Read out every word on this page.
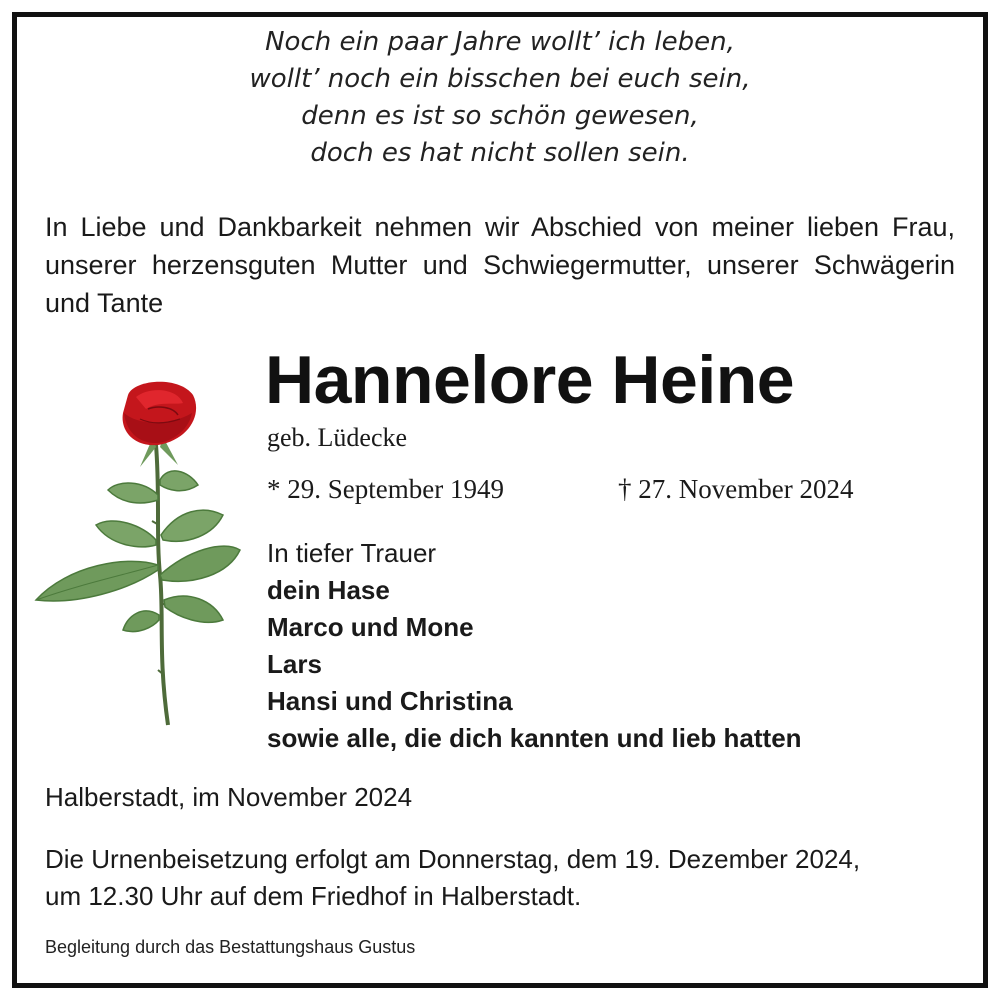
Noch ein paar Jahre wollt’ ich leben,
wollt’ noch ein bisschen bei euch sein,
denn es ist so schön gewesen,
doch es hat nicht sollen sein.
In Liebe und Dankbarkeit nehmen wir Abschied von meiner lieben Frau, unserer herzensguten Mutter und Schwiegermutter, unserer Schwägerin und Tante
Hannelore Heine
geb. Lüdecke
* 29. September 1949	† 27. November 2024
In tiefer Trauer
dein Hase
Marco und Mone
Lars
Hansi und Christina
sowie alle, die dich kannten und lieb hatten
Halberstadt, im November 2024
Die Urnenbeisetzung erfolgt am Donnerstag, dem 19. Dezember 2024,
um 12.30 Uhr auf dem Friedhof in Halberstadt.
Begleitung durch das Bestattungshaus Gustus
